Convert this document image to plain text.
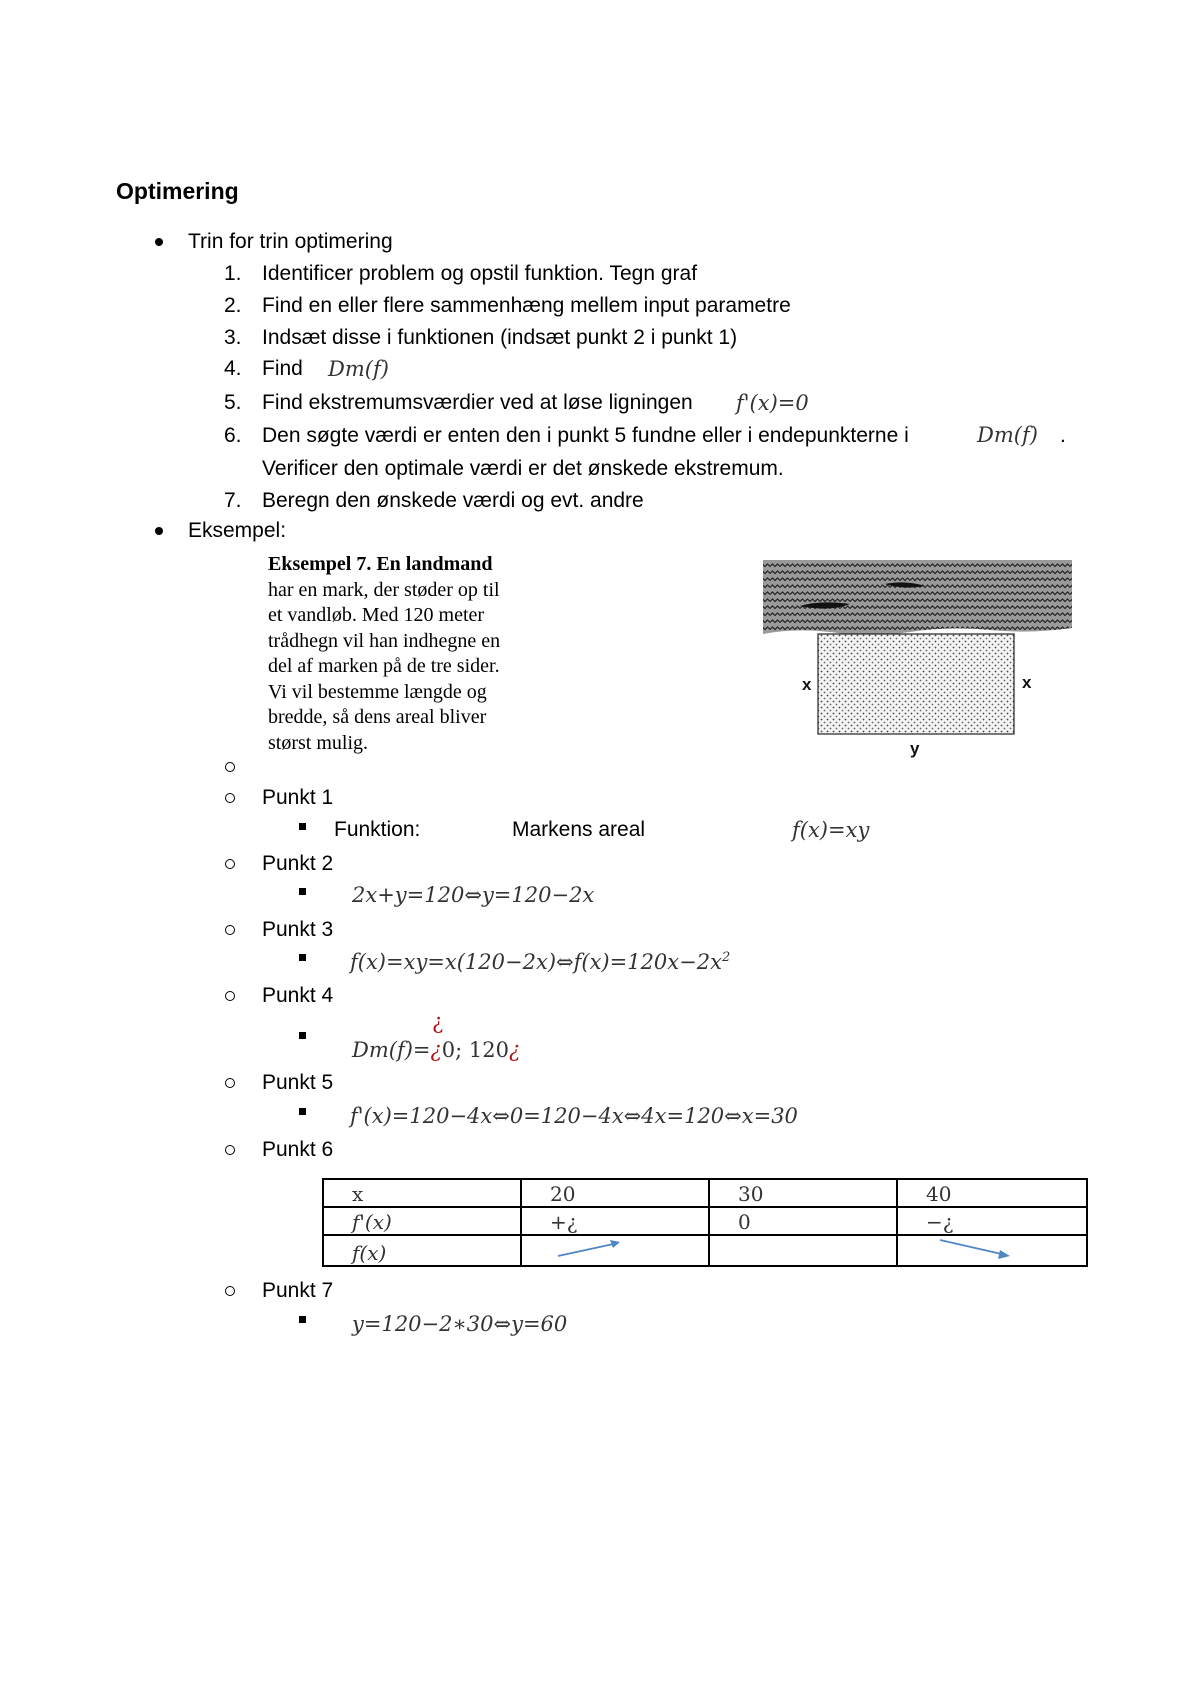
Optimering
Trin for trin optimering
1. Identificer problem og opstil funktion. Tegn graf
2. Find en eller flere sammenhæng mellem input parametre
3. Indsæt disse i funktionen (indsæt punkt 2 i punkt 1)
4. Find Dm(f)
5. Find ekstremumsværdier ved at løse ligningen f'(x)=0
6. Den søgte værdi er enten den i punkt 5 fundne eller i endepunkterne i	Dm(f) .
Verificer den optimale værdi er det ønskede ekstremum.
7. Beregn den ønskede værdi og evt. andre
Eksempel:
Eksempel 7. En landmand
har en mark, der støder op til
et vandløb. Med 120 meter
trådhegn vil han indhegne en
del af marken på de tre sider.
Vi vil bestemme længde og
bredde, så dens areal bliver
størst mulig.
x	x
y
Punkt 1
Funktion:	Markens areal	f(x)=xy
Punkt 2
2x+y=120⇔y=120−2x
Punkt 3
$f(x)=xy=x(120-2x)\Leftrightarrow f(x)=120x-2x^2$
Punkt 4
¿
Dm(f)=¿0; 120¿
Punkt 5
f'(x)=120−4x⇔0=120−4x⇔4x=120⇔x=30
Punkt 6
x	20	30	40
f'(x)	+¿	0	−¿
f(x)			
Punkt 7
y=120−2∗30⇔y=60
